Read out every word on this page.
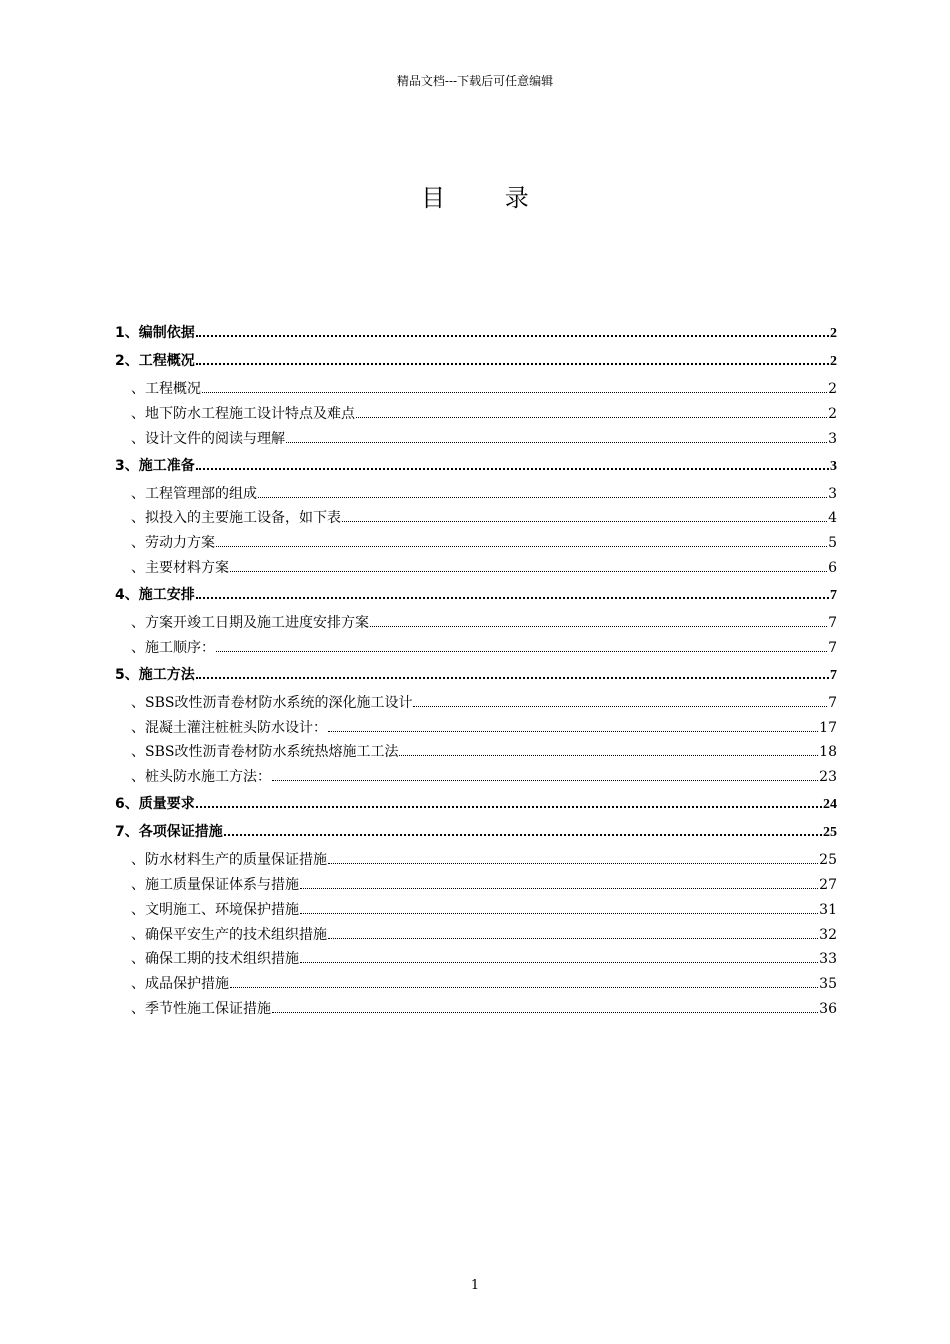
精品文档---下载后可任意编辑
目 录
1、编制依据	2
2、工程概况	2
、工程概况	2
、地下防水工程施工设计特点及难点	2
、设计文件的阅读与理解	3
3、施工准备	3
、工程管理部的组成	3
、拟投入的主要施工设备，如下表	4
、劳动力方案	5
、主要材料方案	6
4、施工安排	7
、方案开竣工日期及施工进度安排方案	7
、施工顺序：	7
5、施工方法	7
、SBS改性沥青卷材防水系统的深化施工设计	7
、混凝土灌注桩桩头防水设计：	17
、SBS改性沥青卷材防水系统热熔施工工法	18
、桩头防水施工方法：	23
6、质量要求	24
7、各项保证措施	25
、防水材料生产的质量保证措施	25
、施工质量保证体系与措施	27
、文明施工、环境保护措施	31
、确保平安生产的技术组织措施	32
、确保工期的技术组织措施	33
、成品保护措施	35
、季节性施工保证措施	36
1
